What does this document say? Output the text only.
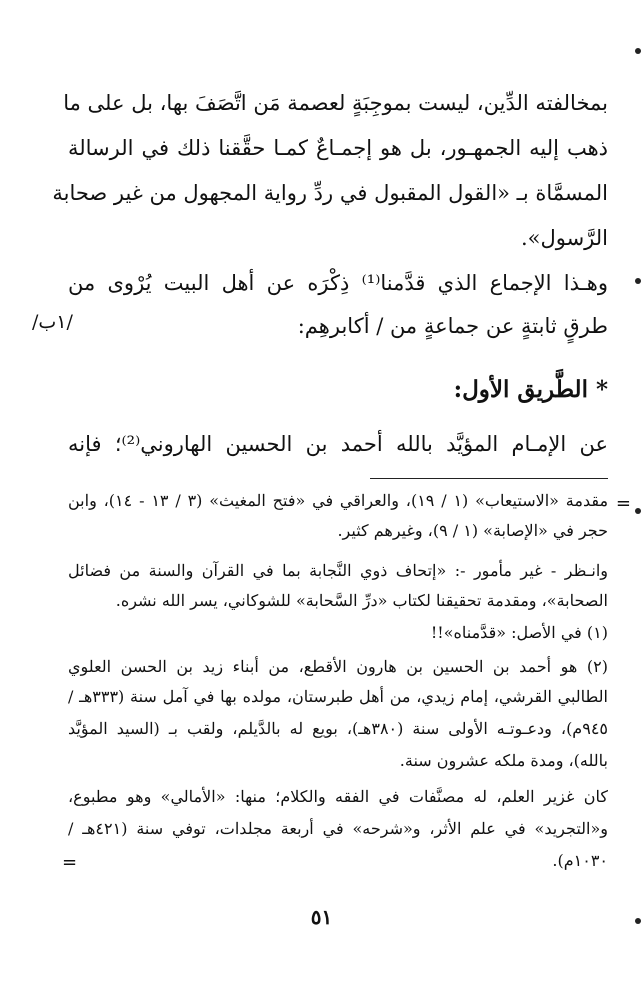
بمخالفته الدِّين، ليست بموجِبَةٍ لعصمة مَن اتَّصَفَ بها، بل على ما
ذهب إليه الجمهـور، بل هو إجمـاعٌ كمـا حقَّقنا ذلك في الرسالة
المسمَّاة بـ «القول المقبول في ردِّ رواية المجهول من غير صحابة
الرَّسول».
وهـذا الإجماع الذي قدَّمنا⁽¹⁾ ذِكْرَه عن أهل البيت يُرْوى من
طرقٍ ثابتةٍ عن جماعةٍ من / أكابرهِم:
/١ب/
* الطَّريق الأول:
عن الإمـام المؤيَّد بالله أحمد بن الحسين الهاروني⁽²⁾؛ فإنه
=
مقدمة «الاستيعاب» (١ / ١٩)، والعراقي في «فتح المغيث» (٣ / ١٣ - ١٤)، وابن
حجر في «الإصابة» (١ / ٩)، وغيرهم كثير.
وانـظر - غير مأمور -: «إتحاف ذوي النَّجابة بما في القرآن والسنة من فضائل
الصحابة»، ومقدمة تحقيقنا لكتاب «درِّ السَّحابة» للشوكاني، يسر الله نشره.
(١) في الأصل: «قدَّمناه»!!
(٢) هو أحمد بن الحسين بن هارون الأقطع، من أبناء زيد بن الحسن العلوي
الطالبي القرشي، إمام زيدي، من أهل طبرستان، مولده بها في آمل سنة (٣٣٣هـ /
٩٤٥م)، ودعـوتـه الأولى سنة (٣٨٠هـ)، بويع له بالدَّيلم، ولقب بـ (السيد المؤيَّد
بالله)، ومدة ملكه عشرون سنة.
كان غزير العلم، له مصنَّفات في الفقه والكلام؛ منها: «الأمالي» وهو مطبوع،
و«التجريد» في علم الأثر، و«شرحه» في أربعة مجلدات، توفي سنة (٤٢١هـ /
١٠٣٠م).
=
٥١
